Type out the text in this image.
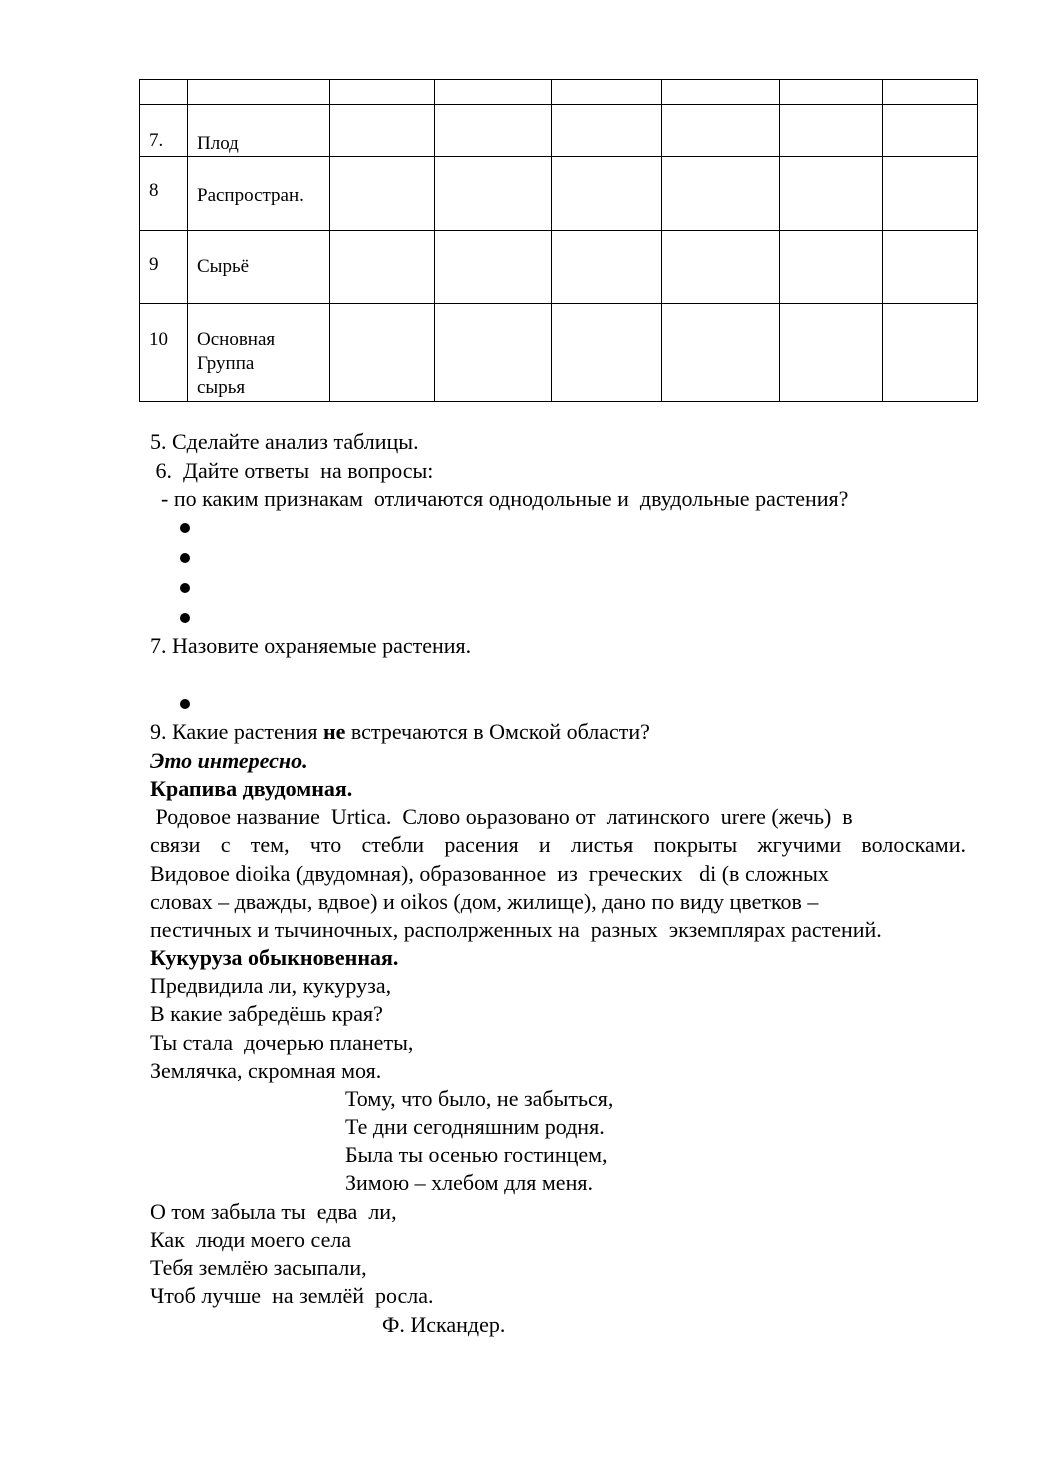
7.	Плод						
8	Распростран.						
9	Сырьё						
10	Основная
Группа
сырья						

5. Сделайте анализ таблицы.
6.  Дайте ответы  на вопросы:
- по каким признакам  отличаются однодольные и  двудольные растения?
7. Назовите охраняемые растения.
9. Какие растения не встречаются в Омской области?
Это интересно.
Крапива двудомная.
Родовое название  Urtica.  Слово оьразовано от  латинского  urere (жечь)  в
связи  с  тем,  что  стебли  расения  и  листья  покрыты  жгучими  волосками.
Видовое dioika (двудомная), образованное  из  греческих   di (в сложных
словах – дважды, вдвое) и oikos (дом, жилище), дано по виду цветков –
пестичных и тычиночных, располрженных на  разных  экземплярах растений.
Кукуруза обыкновенная.
Предвидила ли, кукуруза,
В какие забредёшь края?
Ты стала  дочерью планеты,
Землячка, скромная моя.
Тому, что было, не забыться,
Те дни сегодняшним родня.
Была ты осенью гостинцем,
Зимою – хлебом для меня.
О том забыла ты  едва  ли,
Как  люди моего села
Тебя землёю засыпали,
Чтоб лучше  на землёй  росла.
Ф. Искандер.
